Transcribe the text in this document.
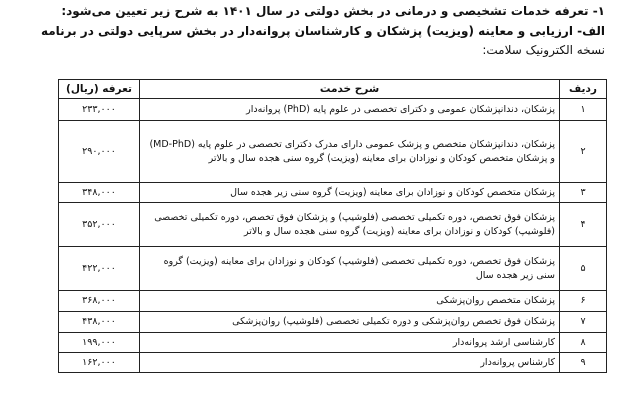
۱- تعرفه خدمات تشخیصی و درمانی در بخش دولتی در سال ۱۴۰۱ به شرح زیر تعیین می‌شود:
الف- ارزیابی و معاینه (ویزیت) پزشکان و کارشناسان پروانه‌دار در بخش سرپایی دولتی در برنامه
نسخه الکترونیک سلامت:
ردیف	شرح خدمت	تعرفه (ریال)
۱	پزشکان، دندانپزشکان عمومی و دکترای تخصصی در علوم پایه (PhD) پروانه‌دار	۲۳۳,۰۰۰
۲	پزشکان، دندانپزشکان متخصص و پزشک عمومی دارای مدرک دکترای تخصصی در علوم پایه (MD-PhD) و پزشکان متخصص کودکان و نوزادان برای معاینه (ویزیت) گروه سنی هجده سال و بالاتر	۲۹۰,۰۰۰
۳	پزشکان متخصص کودکان و نوزادان برای معاینه (ویزیت) گروه سنی زیر هجده سال	۳۴۸,۰۰۰
۴	پزشکان فوق تخصص، دوره تکمیلی تخصصی (فلوشیپ) و پزشکان فوق تخصص، دوره تکمیلی تخصصی (فلوشیپ) کودکان و نوزادان برای معاینه (ویزیت) گروه سنی هجده سال و بالاتر	۳۵۲,۰۰۰
۵	پزشکان فوق تخصص، دوره تکمیلی تخصصی (فلوشیپ) کودکان و نوزادان برای معاینه (ویزیت) گروه سنی زیر هجده سال	۴۲۲,۰۰۰
۶	پزشکان متخصص روان‌پزشکی	۳۶۸,۰۰۰
۷	پزشکان فوق تخصص روان‌پزشکی و دوره تکمیلی تخصصی (فلوشیپ) روان‌پزشکی	۴۳۸,۰۰۰
۸	کارشناسی ارشد پروانه‌دار	۱۹۹,۰۰۰
۹	کارشناس پروانه‌دار	۱۶۲,۰۰۰
